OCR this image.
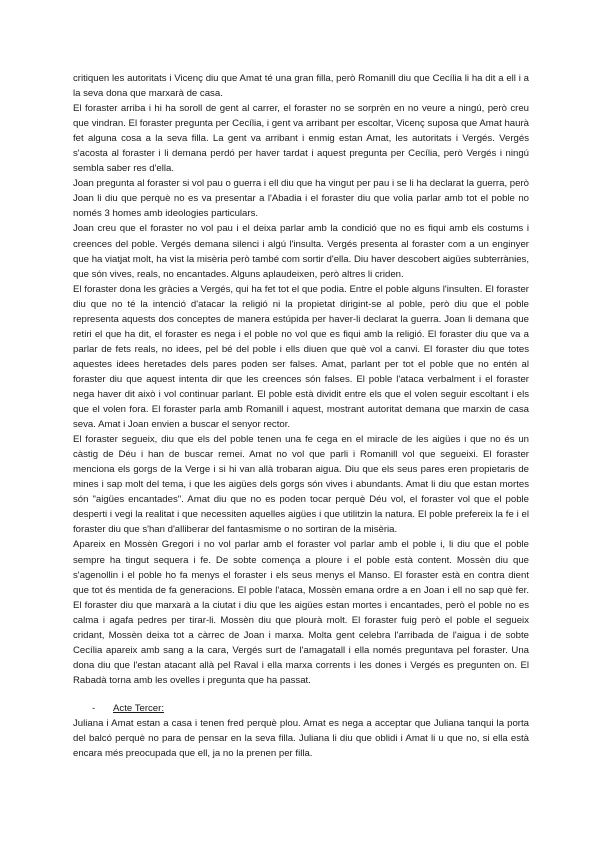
critiquen les autoritats i Vicenç diu que Amat té una gran filla, però Romanill diu que Cecília li ha dit a ell i a la seva dona que marxarà de casa.

El foraster arriba i hi ha soroll de gent al carrer, el foraster no se sorprèn en no veure a ningú, però creu que vindran. El foraster pregunta per Cecília, i gent va arribant per escoltar, Vicenç suposa que Amat haurà fet alguna cosa a la seva filla. La gent va arribant i enmig estan Amat, les autoritats i Vergés. Vergés s'acosta al foraster i li demana perdó per haver tardat i aquest pregunta per Cecília, però Vergés i ningú sembla saber res d'ella.

Joan pregunta al foraster si vol pau o guerra i ell diu que ha vingut per pau i se li ha declarat la guerra, però Joan li diu que perquè no es va presentar a l'Abadia i el foraster diu que volia parlar amb tot el poble no només 3 homes amb ideologies particulars.

Joan creu que el foraster no vol pau i el deixa parlar amb la condició que no es fiqui amb els costums i creences del poble. Vergés demana silenci i algú l'insulta. Vergés presenta al foraster com a un enginyer que ha viatjat molt, ha vist la misèria però també com sortir d'ella. Diu haver descobert aigües subterrànies, que són vives, reals, no encantades. Alguns aplaudeixen, però altres li criden.

El foraster dona les gràcies a Vergés, qui ha fet tot el que podia. Entre el poble alguns l'insulten. El foraster diu que no té la intenció d'atacar la religió ni la propietat dirigint-se al poble, però diu que el poble representa aquests dos conceptes de manera estúpida per haver-li declarat la guerra. Joan li demana que retiri el que ha dit, el foraster es nega i el poble no vol que es fiqui amb la religió. El foraster diu que va a parlar de fets reals, no idees, pel bé del poble i ells diuen que què vol a canvi. El foraster diu que totes aquestes idees heretades dels pares poden ser falses. Amat, parlant per tot el poble que no entén al foraster diu que aquest intenta dir que les creences són falses. El poble l'ataca verbalment i el foraster nega haver dit això i vol continuar parlant. El poble està dividit entre els que el volen seguir escoltant i els que el volen fora. El foraster parla amb Romanill i aquest, mostrant autoritat demana que marxin de casa seva. Amat i Joan envien a buscar el senyor rector.

El foraster segueix, diu que els del poble tenen una fe cega en el miracle de les aigües i que no és un càstig de Déu i han de buscar remei. Amat no vol que parli i Romanill vol que segueixi. El foraster menciona els gorgs de la Verge i si hi van allà trobaran aigua. Diu que els seus pares eren propietaris de mines i sap molt del tema, i que les aigües dels gorgs són vives i abundants. Amat li diu que estan mortes són "aigües encantades". Amat diu que no es poden tocar perquè Déu vol, el foraster vol que el poble desperti i vegi la realitat i que necessiten aquelles aigües i que utilitzin la natura. El poble prefereix la fe i el foraster diu que s'han d'alliberar del fantasmisme o no sortiran de la misèria.

Apareix en Mossèn Gregori i no vol parlar amb el foraster vol parlar amb el poble i, li diu que el poble sempre ha tingut sequera i fe. De sobte comença a ploure i el poble està content. Mossèn diu que s'agenollin i el poble ho fa menys el foraster i els seus menys el Manso. El foraster està en contra dient que tot és mentida de fa generacions. El poble l'ataca, Mossèn emana ordre a en Joan i ell no sap què fer. El foraster diu que marxarà a la ciutat i diu que les aigües estan mortes i encantades, però el poble no es calma i agafa pedres per tirar-li. Mossèn diu que plourà molt. El foraster fuig però el poble el segueix cridant, Mossèn deixa tot a càrrec de Joan i marxa. Molta gent celebra l'arribada de l'aigua i de sobte Cecília apareix amb sang a la cara, Vergés surt de l'amagatall i ella només preguntava pel foraster. Una dona diu que l'estan atacant allà pel Raval i ella marxa corrents i les dones i Vergés es pregunten on. El Rabadà torna amb les ovelles i pregunta que ha passat.

- Acte Tercer:

Juliana i Amat estan a casa i tenen fred perquè plou. Amat es nega a acceptar que Juliana tanqui la porta del balcó perquè no para de pensar en la seva filla. Juliana li diu que oblidi i Amat li u que no, si ella està encara més preocupada que ell, ja no la prenen per filla.
